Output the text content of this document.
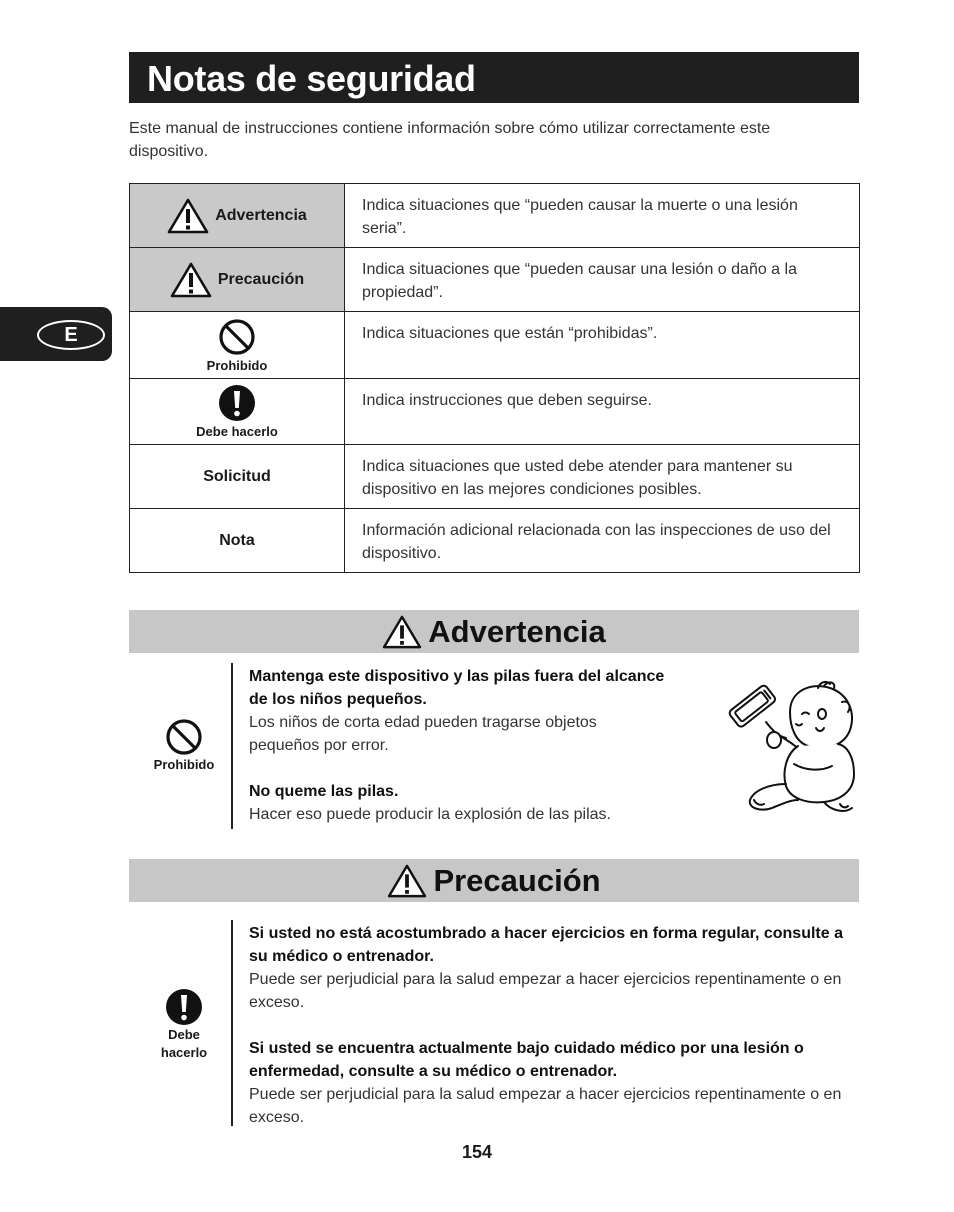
Notas de seguridad
Este manual de instrucciones contiene información sobre cómo utilizar correctamente este dispositivo.
E
Advertencia	Indica situaciones que “pueden causar la muerte o una lesión seria”.

Precaución	Indica situaciones que “pueden causar una lesión o daño a la propiedad”.

Prohibido	Indica situaciones que están “prohibidas”.

Debe hacerlo	Indica instrucciones que deben seguirse.
Solicitud	Indica situaciones que usted debe atender para mantener su dispositivo en las mejores condiciones posibles.
Nota	Información adicional relacionada con las inspecciones de uso del dispositivo.
Advertencia
Prohibido

Mantenga este dispositivo y las pilas fuera del alcance de los niños pequeños.

Los niños de corta edad pueden tragarse objetos pequeños por error.

No queme las pilas.

Hacer eso puede producir la explosión de las pilas.

Precaución
Debe
hacerlo

Si usted no está acostumbrado a hacer ejercicios en forma regular, consulte a su médico o entrenador.

Puede ser perjudicial para la salud empezar a hacer ejercicios repentinamente o en exceso.

Si usted se encuentra actualmente bajo cuidado médico por una lesión o enfermedad, consulte a su médico o entrenador.

Puede ser perjudicial para la salud empezar a hacer ejercicios repentinamente o en exceso.

154
